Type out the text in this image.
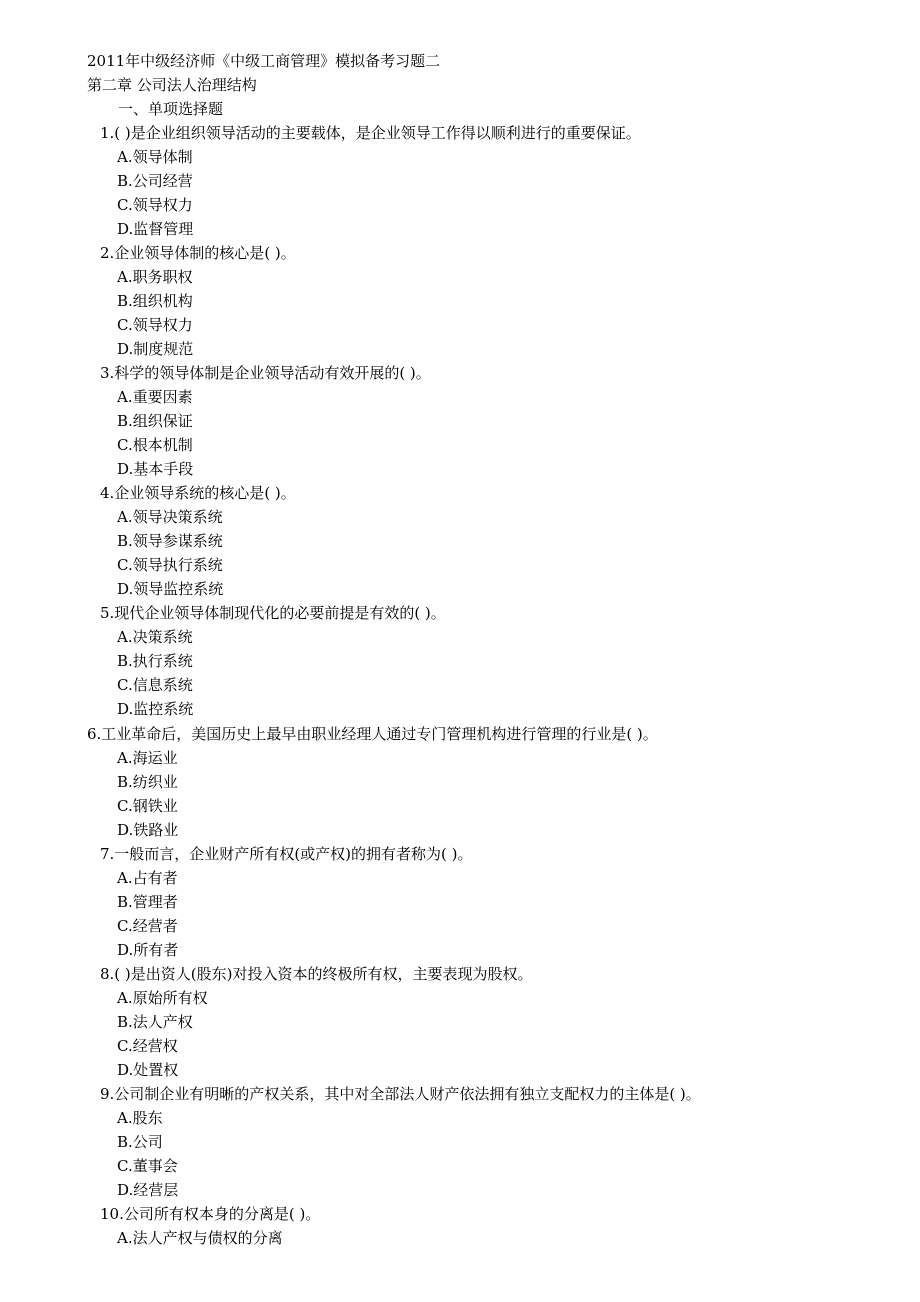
2011年中级经济师《中级工商管理》模拟备考习题二
第二章 公司法人治理结构
一、单项选择题
1.( )是企业组织领导活动的主要载体，是企业领导工作得以顺利进行的重要保证。
A.领导体制
B.公司经营
C.领导权力
D.监督管理
2.企业领导体制的核心是( )。
A.职务职权
B.组织机构
C.领导权力
D.制度规范
3.科学的领导体制是企业领导活动有效开展的( )。
A.重要因素
B.组织保证
C.根本机制
D.基本手段
4.企业领导系统的核心是( )。
A.领导决策系统
B.领导参谋系统
C.领导执行系统
D.领导监控系统
5.现代企业领导体制现代化的必要前提是有效的( )。
A.决策系统
B.执行系统
C.信息系统
D.监控系统
6.工业革命后，美国历史上最早由职业经理人通过专门管理机构进行管理的行业是( )。
A.海运业
B.纺织业
C.钢铁业
D.铁路业
7.一般而言，企业财产所有权(或产权)的拥有者称为( )。
A.占有者
B.管理者
C.经营者
D.所有者
8.( )是出资人(股东)对投入资本的终极所有权，主要表现为股权。
A.原始所有权
B.法人产权
C.经营权
D.处置权
9.公司制企业有明晰的产权关系，其中对全部法人财产依法拥有独立支配权力的主体是( )。
A.股东
B.公司
C.董事会
D.经营层
10.公司所有权本身的分离是( )。
A.法人产权与债权的分离
